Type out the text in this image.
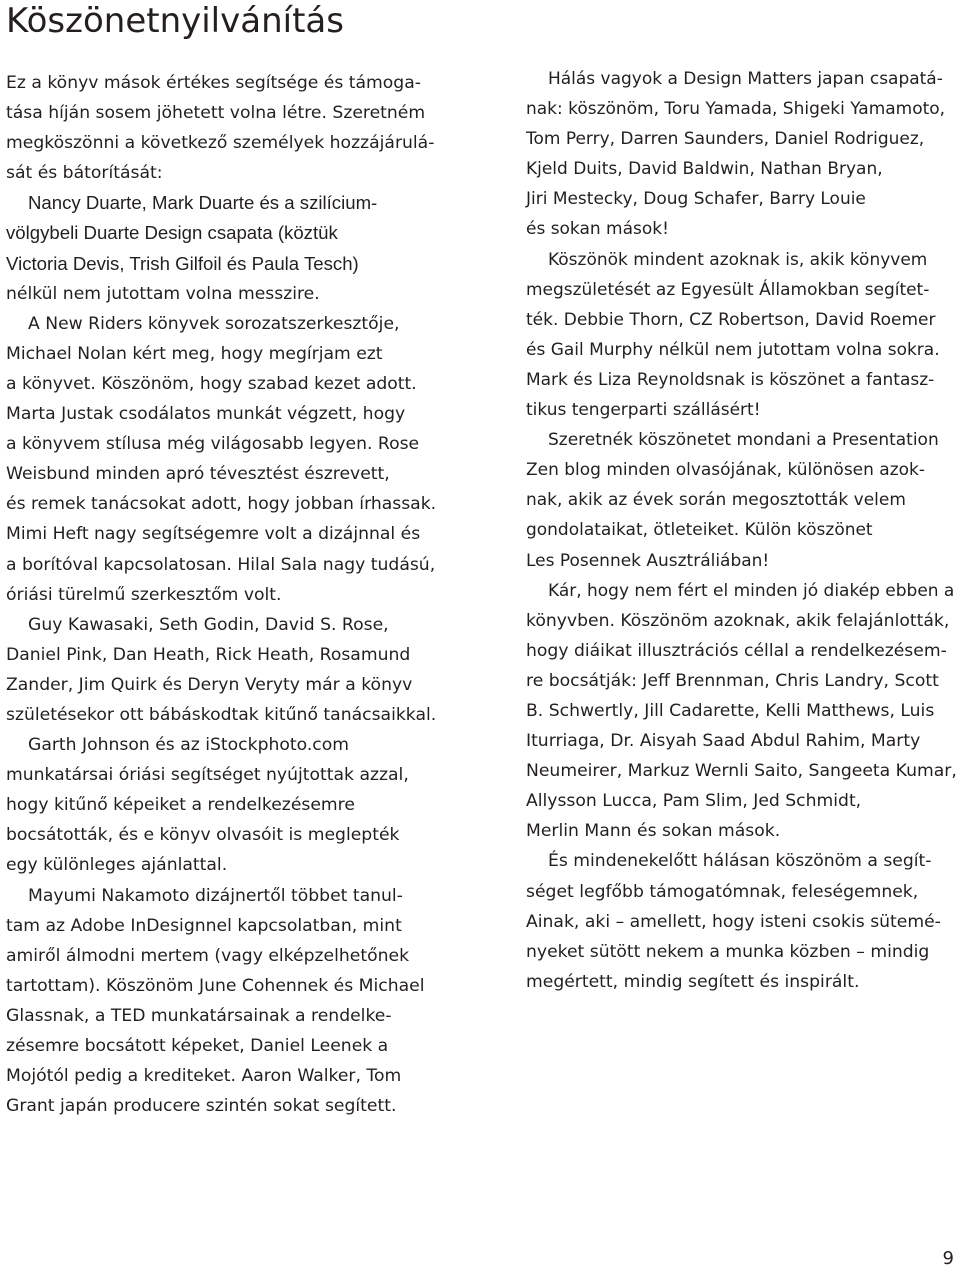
Köszönetnyilvánítás
Ez a könyv mások értékes segítsége és támoga-
tása híján sosem jöhetett volna létre. Szeretném
megköszönni a következő személyek hozzájárulá-
sát és bátorítását:
Nancy Duarte, Mark Duarte és a szilícium-
völgybeli Duarte Design csapata (köztük
Victoria Devis, Trish Gilfoil és Paula Tesch)
nélkül nem jutottam volna messzire.
A New Riders könyvek sorozatszerkesztője,
Michael Nolan kért meg, hogy megírjam ezt
a könyvet. Köszönöm, hogy szabad kezet adott.
Marta Justak csodálatos munkát végzett, hogy
a könyvem stílusa még világosabb legyen. Rose
Weisbund minden apró tévesztést észrevett,
és remek tanácsokat adott, hogy jobban írhassak.
Mimi Heft nagy segítségemre volt a dizájnnal és
a borítóval kapcsolatosan. Hilal Sala nagy tudású,
óriási türelmű szerkesztőm volt.
Guy Kawasaki, Seth Godin, David S. Rose,
Daniel Pink, Dan Heath, Rick Heath, Rosamund
Zander, Jim Quirk és Deryn Veryty már a könyv
születésekor ott bábáskodtak kitűnő tanácsaikkal.
Garth Johnson és az iStockphoto.com
munkatársai óriási segítséget nyújtottak azzal,
hogy kitűnő képeiket a rendelkezésemre
bocsátották, és e könyv olvasóit is meglepték
egy különleges ajánlattal.
Mayumi Nakamoto dizájnertől többet tanul-
tam az Adobe InDesignnel kapcsolatban, mint
amiről álmodni mertem (vagy elképzelhetőnek
tartottam). Köszönöm June Cohennek és Michael
Glassnak, a TED munkatársainak a rendelke-
zésemre bocsátott képeket, Daniel Leenek a
Mojótól pedig a krediteket. Aaron Walker, Tom
Grant japán producere szintén sokat segített.
Hálás vagyok a Design Matters japan csapatá-
nak: köszönöm, Toru Yamada, Shigeki Yamamoto,
Tom Perry, Darren Saunders, Daniel Rodriguez,
Kjeld Duits, David Baldwin, Nathan Bryan,
Jiri Mestecky, Doug Schafer, Barry Louie
és sokan mások!
Köszönök mindent azoknak is, akik könyvem
megszületését az Egyesült Államokban segítet-
ték. Debbie Thorn, CZ Robertson, David Roemer
és Gail Murphy nélkül nem jutottam volna sokra.
Mark és Liza Reynoldsnak is köszönet a fantasz-
tikus tengerparti szállásért!
Szeretnék köszönetet mondani a Presentation
Zen blog minden olvasójának, különösen azok-
nak, akik az évek során megosztották velem
gondolataikat, ötleteiket. Külön köszönet
Les Posennek Ausztráliában!
Kár, hogy nem fért el minden jó diakép ebben a
könyvben. Köszönöm azoknak, akik felajánlották,
hogy diáikat illusztrációs céllal a rendelkezésem-
re bocsátják: Jeff Brennman, Chris Landry, Scott
B. Schwertly, Jill Cadarette, Kelli Matthews, Luis
Iturriaga, Dr. Aisyah Saad Abdul Rahim, Marty
Neumeirer, Markuz Wernli Saito, Sangeeta Kumar,
Allysson Lucca, Pam Slim, Jed Schmidt,
Merlin Mann és sokan mások.
És mindenekelőtt hálásan köszönöm a segít-
séget legfőbb támogatómnak, feleségemnek,
Ainak, aki – amellett, hogy isteni csokis sütemé-
nyeket sütött nekem a munka közben – mindig
megértett, mindig segített és inspirált.
9
